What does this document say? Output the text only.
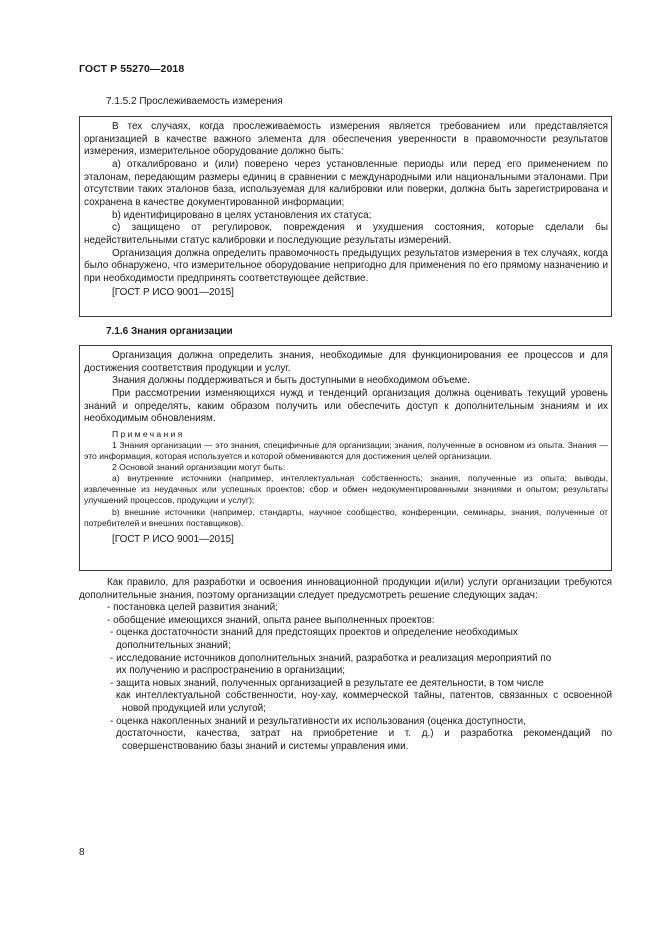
ГОСТ Р 55270—2018
7.1.5.2 Прослеживаемость измерения

В тех случаях, когда прослеживаемость измерения является требованием или представляется организацией в качестве важного элемента для обеспечения уверенности в правомочности результатов измерения, измерительное оборудование должно быть:

a) откалибровано и (или) поверено через установленные периоды или перед его применением по эталонам, передающим размеры единиц в сравнении с международными или национальными эталонами. При отсутствии таких эталонов база, используемая для калибровки или поверки, должна быть зарегистрирована и сохранена в качестве документированной информации;

b) идентифицировано в целях установления их статуса;

c) защищено от регулировок, повреждения и ухудшения состояния, которые сделали бы недействительными статус калибровки и последующие результаты измерений.

Организация должна определить правомочность предыдущих результатов измерения в тех случаях, когда было обнаружено, что измерительное оборудование непригодно для применения по его прямому назначению и при необходимости предпринять соответствующее действие.

[ГОСТ Р ИСО 9001—2015]

7.1.6 Знания организации

Организация должна определить знания, необходимые для функционирования ее процессов и для достижения соответствия продукции и услуг.

Знания должны поддерживаться и быть доступными в необходимом объеме.

При рассмотрении изменяющихся нужд и тенденций организация должна оценивать текущий уровень знаний и определять, каким образом получить или обеспечить доступ к дополнительным знаниям и их необходимым обновлениям.

Примечания

1 Знания организации — это знания, специфичные для организации; знания, полученные в основном из опыта. Знания — это информация, которая используется и которой обмениваются для достижения целей организации.

2 Основой знаний организации могут быть:

a) внутренние источники (например, интеллектуальная собственность; знания, полученные из опыта; выводы, извлеченные из неудачных или успешных проектов; сбор и обмен недокументированными знаниями и опытом; результаты улучшений процессов, продукции и услуг);

b) внешние источники (например, стандарты, научное сообщество, конференции, семинары, знания, полученные от потребителей и внешних поставщиков).

[ГОСТ Р ИСО 9001—2015]

Как правило, для разработки и освоения инновационной продукции и(или) услуги организации требуются дополнительные знания, поэтому организации следует предусмотреть решение следующих задач:

- постановка целей развития знаний;
- обобщение имеющихся знаний, опыта ранее выполненных проектов:
- оценка достаточности знаний для предстоящих проектов и определение необходимых
дополнительных знаний;
- исследование источников дополнительных знаний, разработка и реализация мероприятий по
их получению и распространению в организации;
- защита новых знаний, полученных организацией в результате ее деятельности, в том числе
как интеллектуальной собственности, ноу-хау, коммерческой тайны, патентов, связанных с освоенной новой продукцией или услугой;
- оценка накопленных знаний и результативности их использования (оценка доступности,
достаточности, качества, затрат на приобретение и т. д.) и разработка рекомендаций по совершенствованию базы знаний и системы управления ими.
8
